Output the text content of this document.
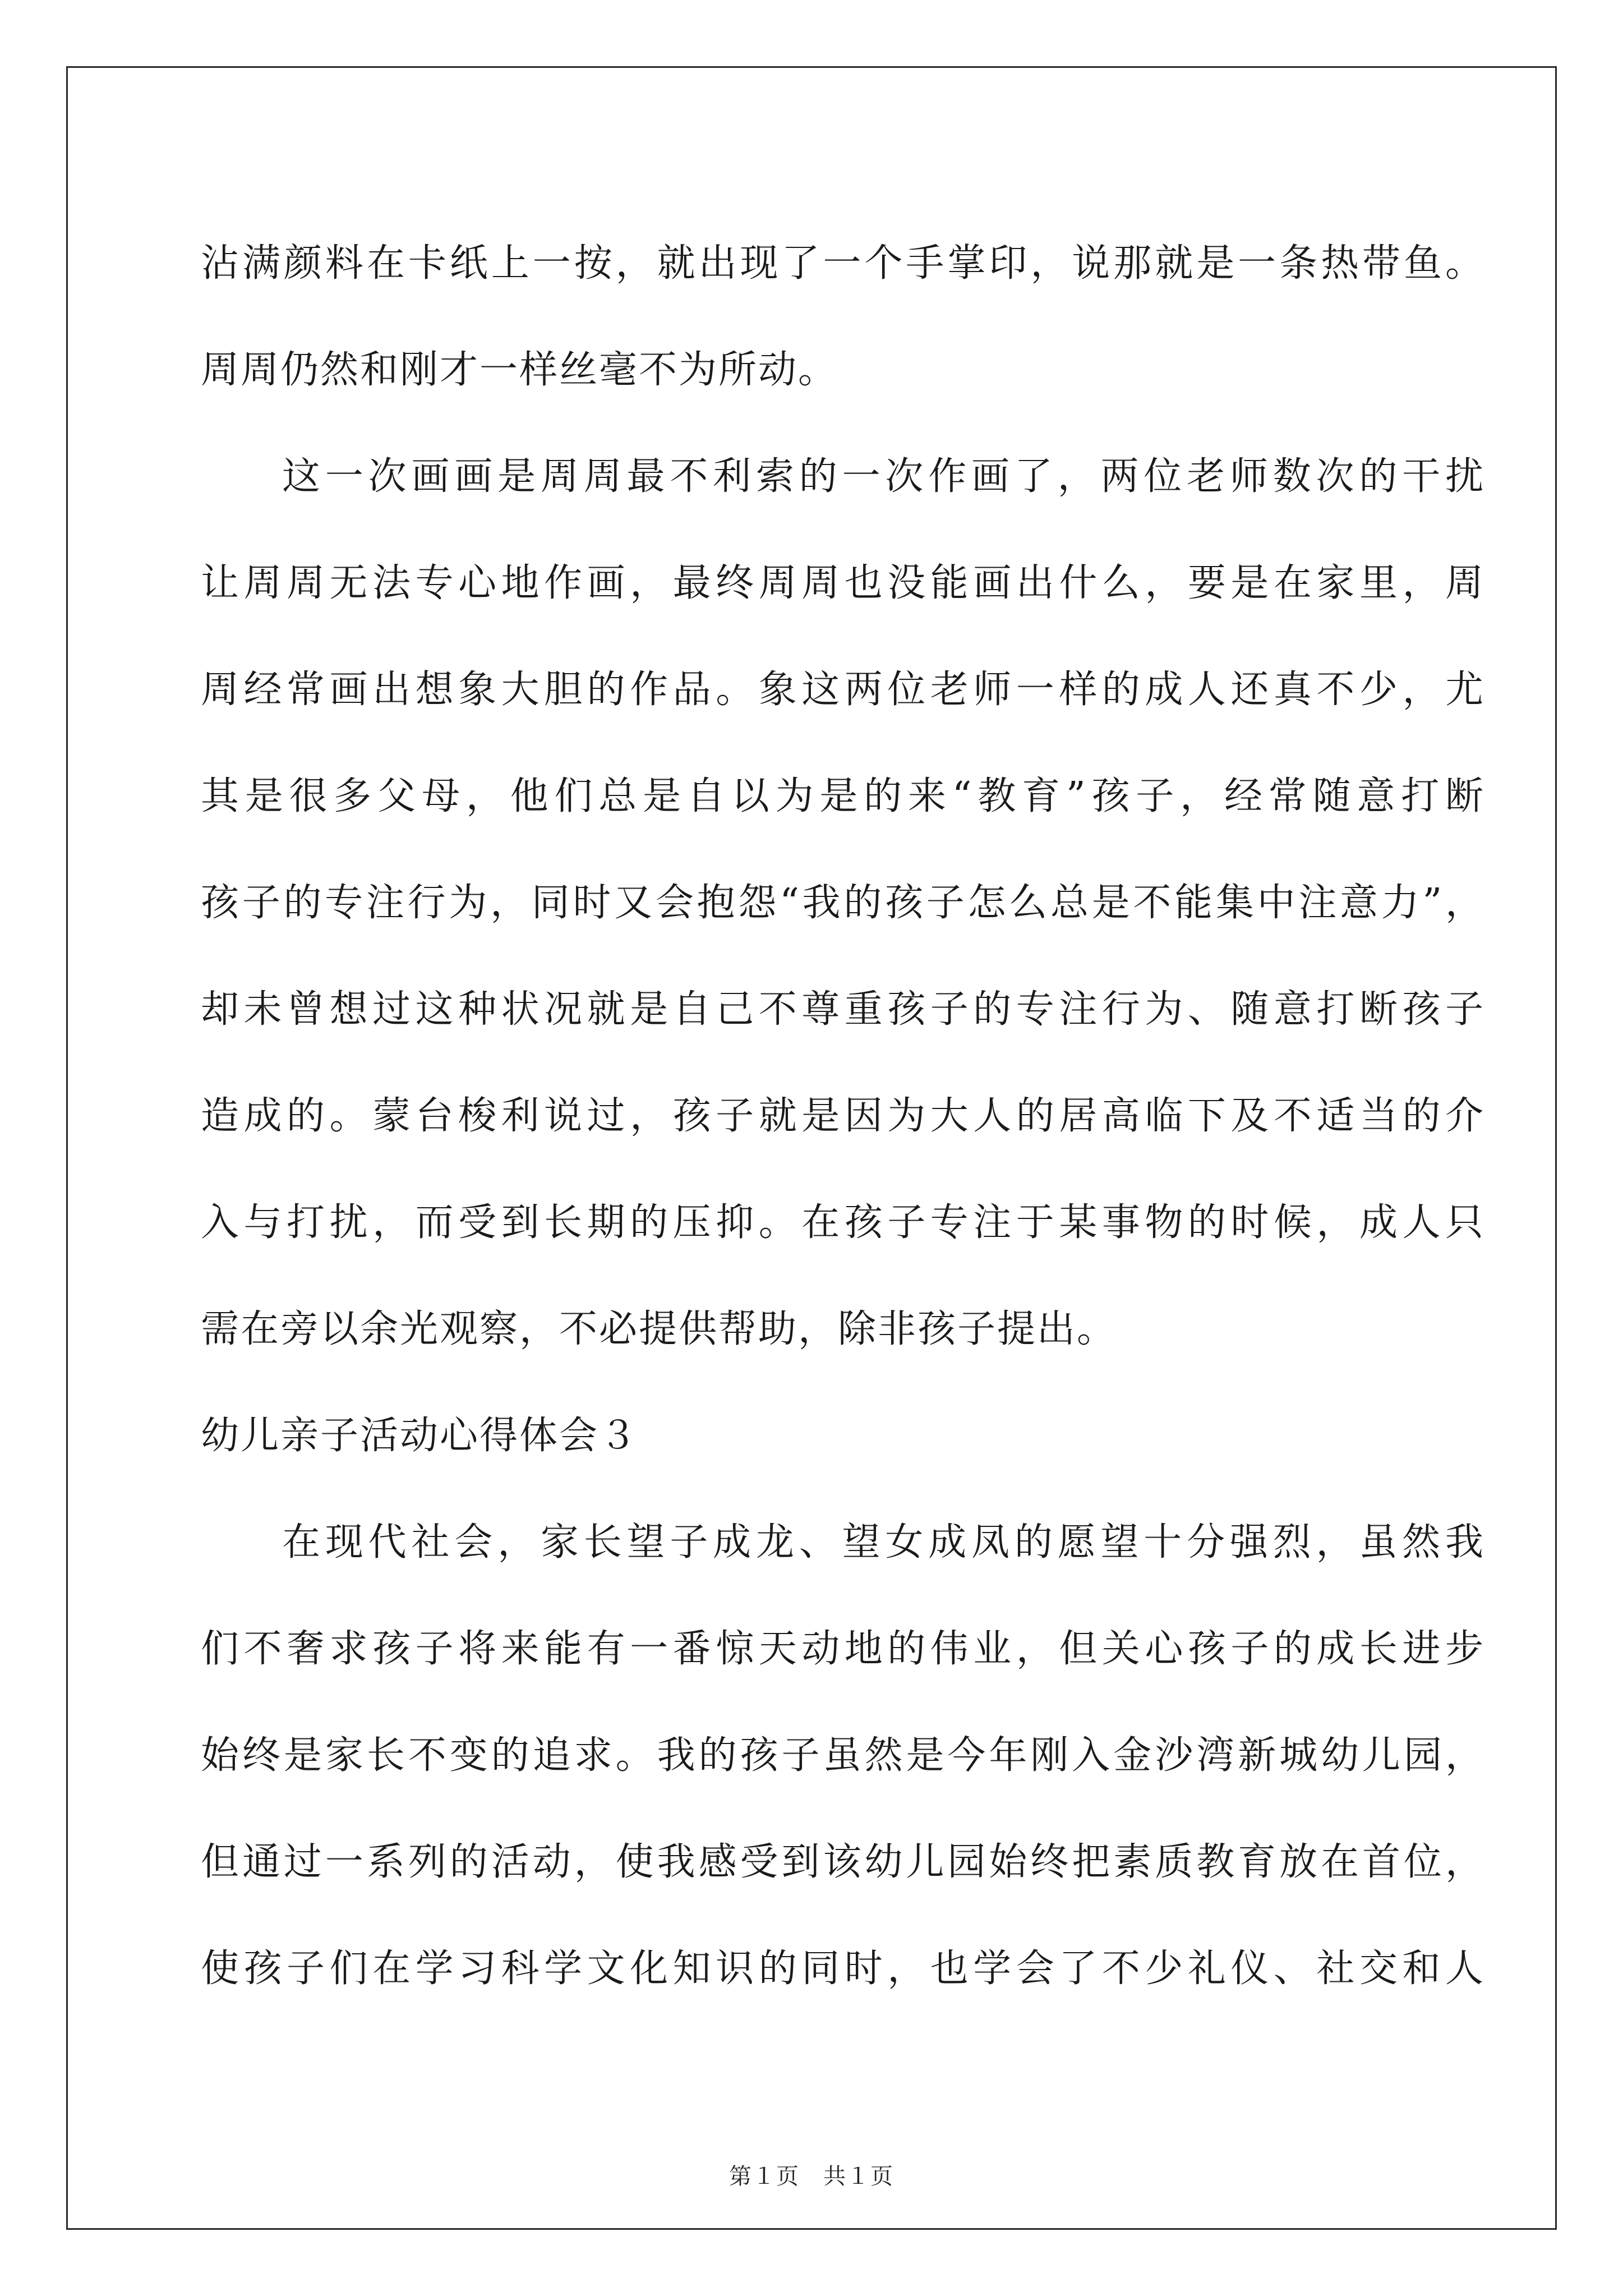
沾满颜料在卡纸上一按，就出现了一个手掌印，说那就是一条热带鱼。
周周仍然和刚才一样丝毫不为所动。
这一次画画是周周最不利索的一次作画了，两位老师数次的干扰
让周周无法专心地作画，最终周周也没能画出什么，要是在家里，周
周经常画出想象大胆的作品。象这两位老师一样的成人还真不少，尤
其是很多父母，他们总是自以为是的来“教育”孩子，经常随意打断
孩子的专注行为，同时又会抱怨“我的孩子怎么总是不能集中注意力”，
却未曾想过这种状况就是自己不尊重孩子的专注行为、随意打断孩子
造成的。蒙台梭利说过，孩子就是因为大人的居高临下及不适当的介
入与打扰，而受到长期的压抑。在孩子专注于某事物的时候，成人只
需在旁以余光观察，不必提供帮助，除非孩子提出。
幼儿亲子活动心得体会３
在现代社会，家长望子成龙、望女成凤的愿望十分强烈，虽然我
们不奢求孩子将来能有一番惊天动地的伟业，但关心孩子的成长进步
始终是家长不变的追求。我的孩子虽然是今年刚入金沙湾新城幼儿园，
但通过一系列的活动，使我感受到该幼儿园始终把素质教育放在首位，
使孩子们在学习科学文化知识的同时，也学会了不少礼仪、社交和人
第１页　共１页
